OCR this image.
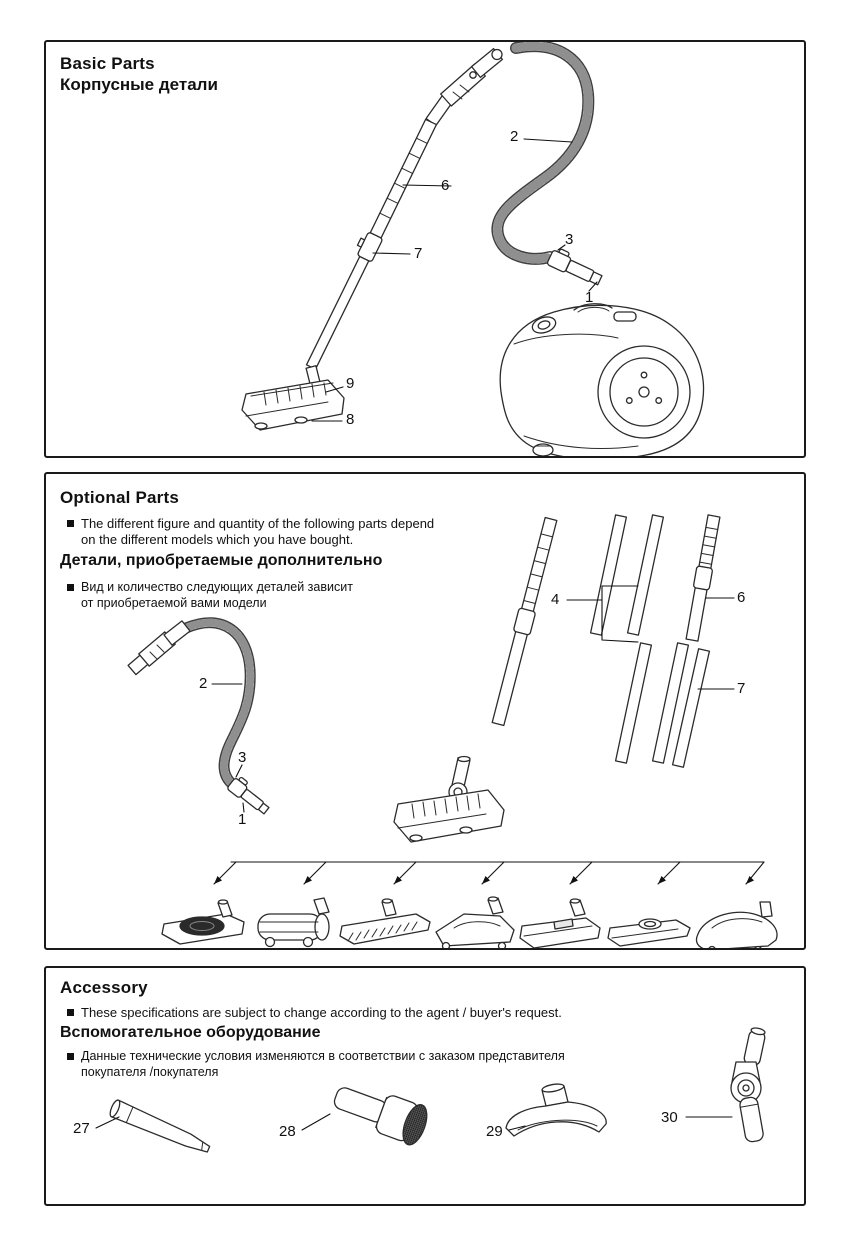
Basic Parts
Корпусные детали
2
6
7
3
1
9
8
Optional Parts
The different figure and quantity of the following parts depend
on the different models which you have bought.
Детали, приобретаемые дополнительно
Вид и количество следующих деталей зависит
от приобретаемой вами модели
2
3
1
4	6
7
Accessory
These specifications are subject to change according to the agent / buyer's request.
Вспомогательное оборудование
Данные технические условия изменяются в соответствии с заказом представителя
покупателя /покупателя
27	28	29
30
